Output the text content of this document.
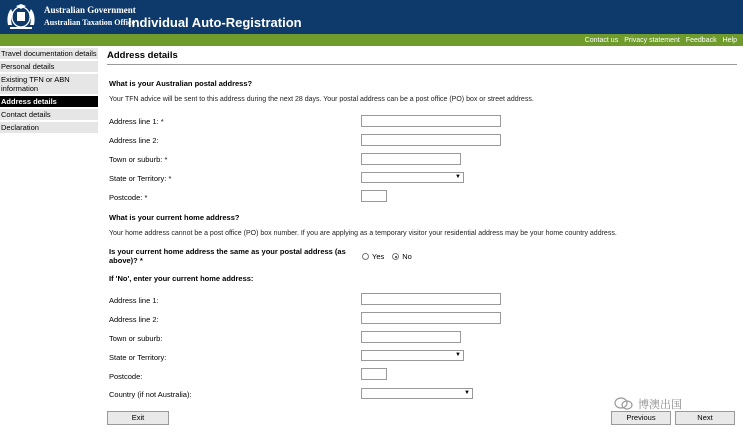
Australian Government
Australian Taxation Office
Individual Auto-Registration
Contact us Privacy statement Feedback Help
Travel documentation details
Personal details
Existing TFN or ABN information
Address details
Contact details
Declaration
Address details
What is your Australian postal address?
Your TFN advice will be sent to this address during the next 28 days. Your postal address can be a post office (PO) box or street address.
Address line 1: *
Address line 2:
Town or suburb: *
State or Territory: *	▼
Postcode: *
What is your current home address?
Your home address cannot be a post office (PO) box number. If you are applying as a temporary visitor your residential address may be your home country address.
Is your current home address the same as your postal address (as above)? *	Yes No
If 'No', enter your current home address:
Address line 1:
Address line 2:
Town or suburb:
State or Territory:	▼
Postcode:
Country (if not Australia):	▼
Exit	Previous	Next
博澳出国
